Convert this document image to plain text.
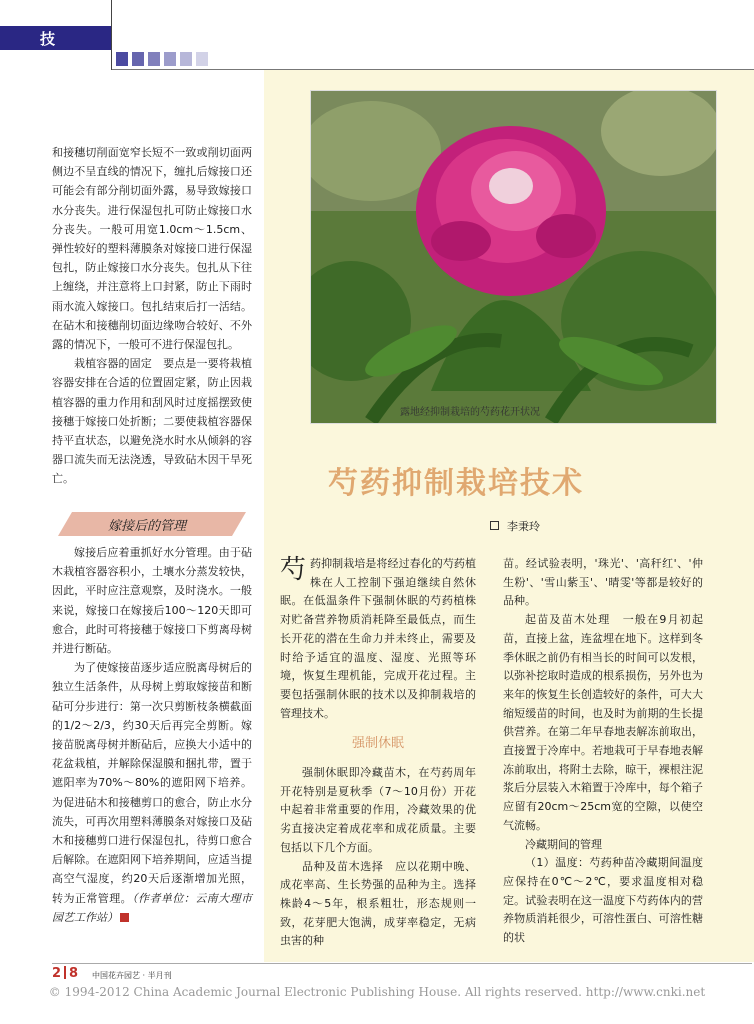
技术

和接穗切削面宽窄长短不一致或削切面两侧边不呈直线的情况下，缠扎后嫁接口还可能会有部分削切面外露，易导致嫁接口水分丧失。进行保湿包扎可防止嫁接口水分丧失。一般可用宽1.0cm～1.5cm、弹性较好的塑料薄膜条对嫁接口进行保湿包扎，防止嫁接口水分丧失。包扎从下往上缠绕，并注意将上口封紧，防止下雨时雨水流入嫁接口。包扎结束后打一活结。在砧木和接穗削切面边缘吻合较好、不外露的情况下，一般可不进行保湿包扎。

栽植容器的固定　要点是一要将栽植容器安排在合适的位置固定紧，防止因栽植容器的重力作用和刮风时过度摇摆致使接穗于嫁接口处折断；二要使栽植容器保持平直状态，以避免浇水时水从倾斜的容器口流失而无法浇透，导致砧木因干旱死亡。

嫁接后的管理

嫁接后应着重抓好水分管理。由于砧木栽植容器容积小，土壤水分蒸发较快，因此，平时应注意观察，及时浇水。一般来说，嫁接口在嫁接后100～120天即可愈合，此时可将接穗于嫁接口下剪离母树并进行断砧。

为了使嫁接苗逐步适应脱离母树后的独立生活条件，从母树上剪取嫁接苗和断砧可分步进行：第一次只剪断枝条横截面的1/2～2/3，约30天后再完全剪断。嫁接苗脱离母树并断砧后，应换大小适中的花盆栽植，并解除保湿膜和捆扎带，置于遮阳率为70%～80%的遮阳网下培养。为促进砧木和接穗剪口的愈合，防止水分流失，可再次用塑料薄膜条对嫁接口及砧木和接穗剪口进行保湿包扎，待剪口愈合后解除。在遮阳网下培养期间，应适当提高空气湿度，约20天后逐渐增加光照，转为正常管理。（作者单位：云南大理市园艺工作站）

露地经抑制栽培的芍药花开状况
芍药抑制栽培技术
李秉玲

芍药抑制栽培是将经过春化的芍药植株在人工控制下强迫继续自然休眠。在低温条件下强制休眠的芍药植株对贮备营养物质消耗降至最低点，而生长开花的潜在生命力并未终止，需要及时给予适宜的温度、湿度、光照等环境，恢复生理机能，完成开花过程。主要包括强制休眠的技术以及抑制栽培的管理技术。

强制休眠

强制休眠即冷藏苗木，在芍药周年开花特别是夏秋季（7～10月份）开花中起着非常重要的作用，冷藏效果的优劣直接决定着成花率和成花质量。主要包括以下几个方面。

品种及苗木选择　应以花期中晚、成花率高、生长势强的品种为主。选择株龄4～5年，根系粗壮，形态规则一致，花芽肥大饱满，成芽率稳定，无病虫害的种

苗。经试验表明，'珠光'、'高秆红'、'仲生粉'、'雪山紫玉'、'晴雯'等都是较好的品种。

起苗及苗木处理　一般在9月初起苗，直接上盆，连盆埋在地下。这样到冬季休眠之前仍有相当长的时间可以发根，以弥补挖取时造成的根系损伤，另外也为来年的恢复生长创造较好的条件，可大大缩短缓苗的时间，也及时为前期的生长提供营养。在第二年早春地表解冻前取出，直接置于冷库中。若地栽可于早春地表解冻前取出，将附土去除，晾干，裸根注泥浆后分层装入木箱置于冷库中，每个箱子应留有20cm～25cm宽的空隙，以使空气流畅。

冷藏期间的管理

（1）温度：芍药种苗冷藏期间温度应保持在0℃～2℃，要求温度相对稳定。试验表明在这一温度下芍药体内的营养物质消耗很少，可溶性蛋白、可溶性糖的状

2 8 中国花卉园艺 · 半月刊
© 1994-2012 China Academic Journal Electronic Publishing House. All rights reserved. http://www.cnki.net
